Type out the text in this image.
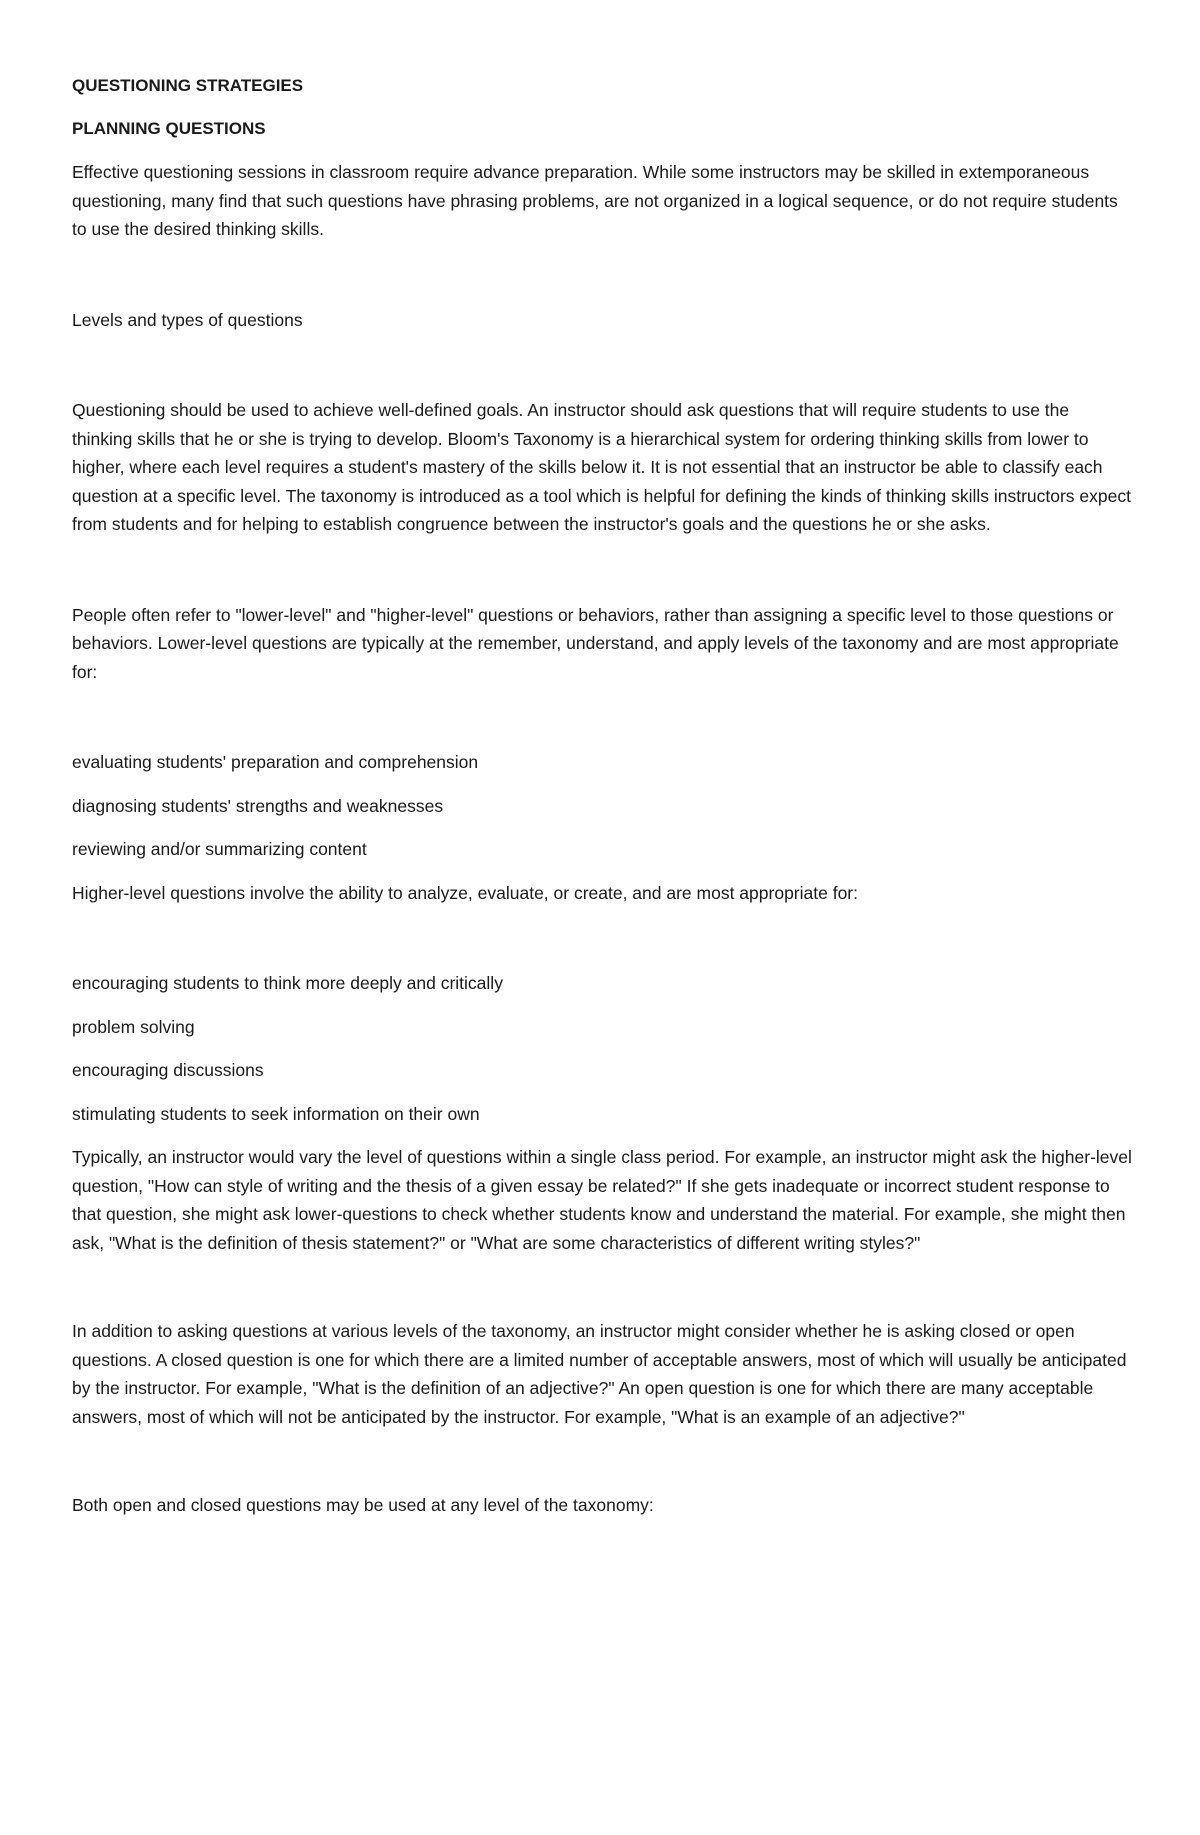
QUESTIONING STRATEGIES

PLANNING QUESTIONS

Effective questioning sessions in classroom require advance preparation. While some instructors may be skilled in extemporaneous questioning, many find that such questions have phrasing problems, are not organized in a logical sequence, or do not require students to use the desired thinking skills.

Levels and types of questions

Questioning should be used to achieve well-defined goals. An instructor should ask questions that will require students to use the thinking skills that he or she is trying to develop. Bloom's Taxonomy is a hierarchical system for ordering thinking skills from lower to higher, where each level requires a student's mastery of the skills below it. It is not essential that an instructor be able to classify each question at a specific level. The taxonomy is introduced as a tool which is helpful for defining the kinds of thinking skills instructors expect from students and for helping to establish congruence between the instructor's goals and the questions he or she asks.

People often refer to "lower-level" and "higher-level" questions or behaviors, rather than assigning a specific level to those questions or behaviors. Lower-level questions are typically at the remember, understand, and apply levels of the taxonomy and are most appropriate for:

evaluating students' preparation and comprehension

diagnosing students' strengths and weaknesses

reviewing and/or summarizing content

Higher-level questions involve the ability to analyze, evaluate, or create, and are most appropriate for:

encouraging students to think more deeply and critically

problem solving

encouraging discussions

stimulating students to seek information on their own

Typically, an instructor would vary the level of questions within a single class period. For example, an instructor might ask the higher-level question, "How can style of writing and the thesis of a given essay be related?" If she gets inadequate or incorrect student response to that question, she might ask lower-questions to check whether students know and understand the material. For example, she might then ask, "What is the definition of thesis statement?" or "What are some characteristics of different writing styles?"

In addition to asking questions at various levels of the taxonomy, an instructor might consider whether he is asking closed or open questions. A closed question is one for which there are a limited number of acceptable answers, most of which will usually be anticipated by the instructor. For example, "What is the definition of an adjective?" An open question is one for which there are many acceptable answers, most of which will not be anticipated by the instructor. For example, "What is an example of an adjective?"

Both open and closed questions may be used at any level of the taxonomy:
